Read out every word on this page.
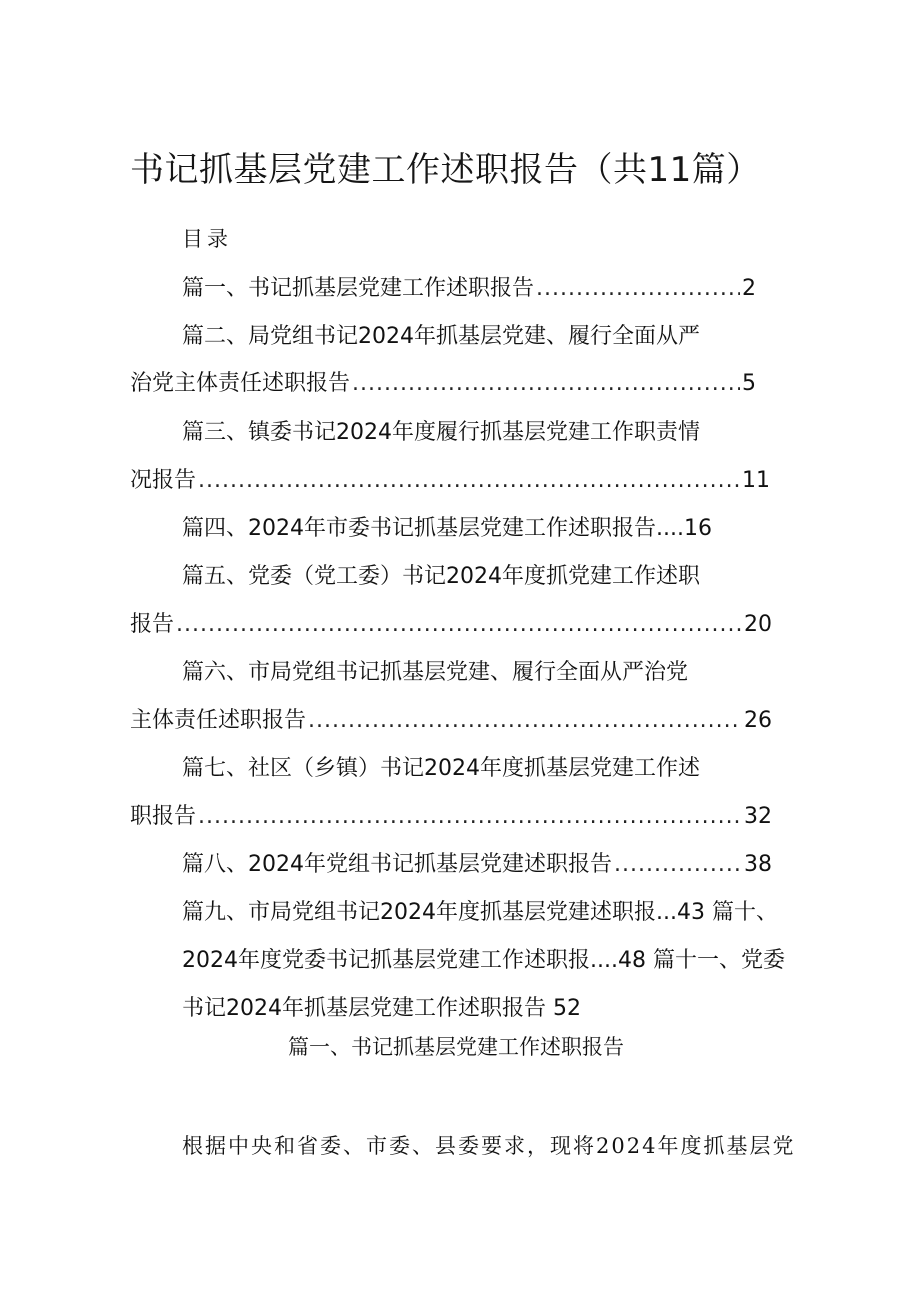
书记抓基层党建工作述职报告（共11篇）
目录
篇一、书记抓基层党建工作述职报告 .....	2
篇二、局党组书记2024年抓基层党建、履行全面从严
治党主体责任述职报告 .....	5
篇三、镇委书记2024年度履行抓基层党建工作职责情
况报告 .....	11
篇四、2024年市委书记抓基层党建工作述职报告....16
篇五、党委（党工委）书记2024年度抓党建工作述职
报告 .....	20
篇六、市局党组书记抓基层党建、履行全面从严治党
主体责任述职报告 .....	26
篇七、社区（乡镇）书记2024年度抓基层党建工作述
职报告 .....	32
篇八、2024年党组书记抓基层党建述职报告 .....	38
篇九、市局党组书记2024年度抓基层党建述职报...43 篇十、
2024年度党委书记抓基层党建工作述职报....48 篇十一、党委
书记2024年抓基层党建工作述职报告 52
篇一、书记抓基层党建工作述职报告
根据中央和省委、市委、县委要求，现将2024年度抓基层党
